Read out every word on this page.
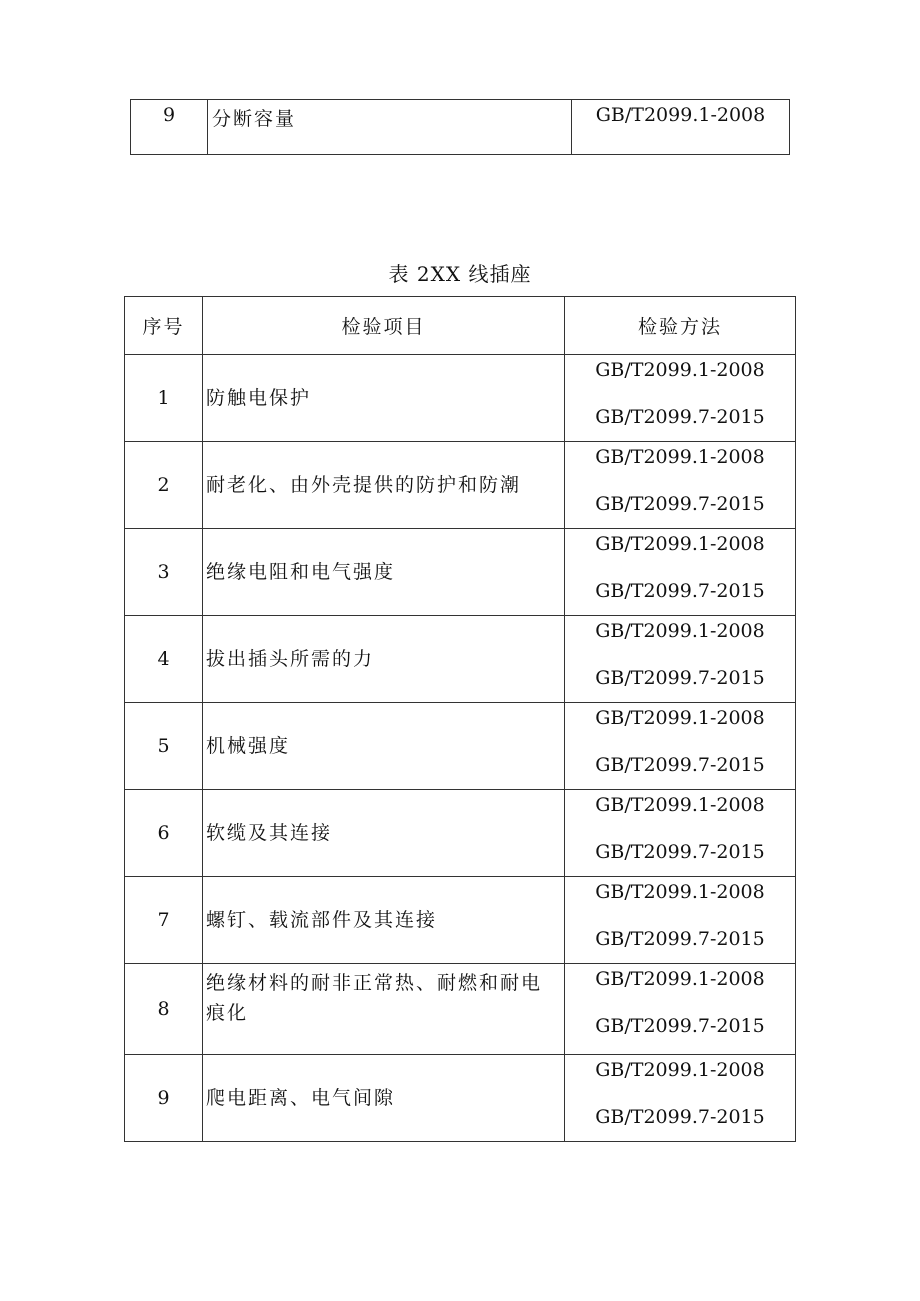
9	分断容量	GB/T2099.1-2008
表 2XX 线插座
序号	检验项目	检验方法
1	防触电保护	GB/T2099.1-2008
GB/T2099.7-2015

2	耐老化、由外壳提供的防护和防潮	GB/T2099.1-2008
GB/T2099.7-2015

3	绝缘电阻和电气强度	GB/T2099.1-2008
GB/T2099.7-2015

4	拔出插头所需的力	GB/T2099.1-2008
GB/T2099.7-2015

5	机械强度	GB/T2099.1-2008
GB/T2099.7-2015

6	软缆及其连接	GB/T2099.1-2008
GB/T2099.7-2015

7	螺钉、载流部件及其连接	GB/T2099.1-2008
GB/T2099.7-2015

8	绝缘材料的耐非正常热、耐燃和耐电痕化	GB/T2099.1-2008
GB/T2099.7-2015

9	爬电距离、电气间隙	GB/T2099.1-2008
GB/T2099.7-2015
